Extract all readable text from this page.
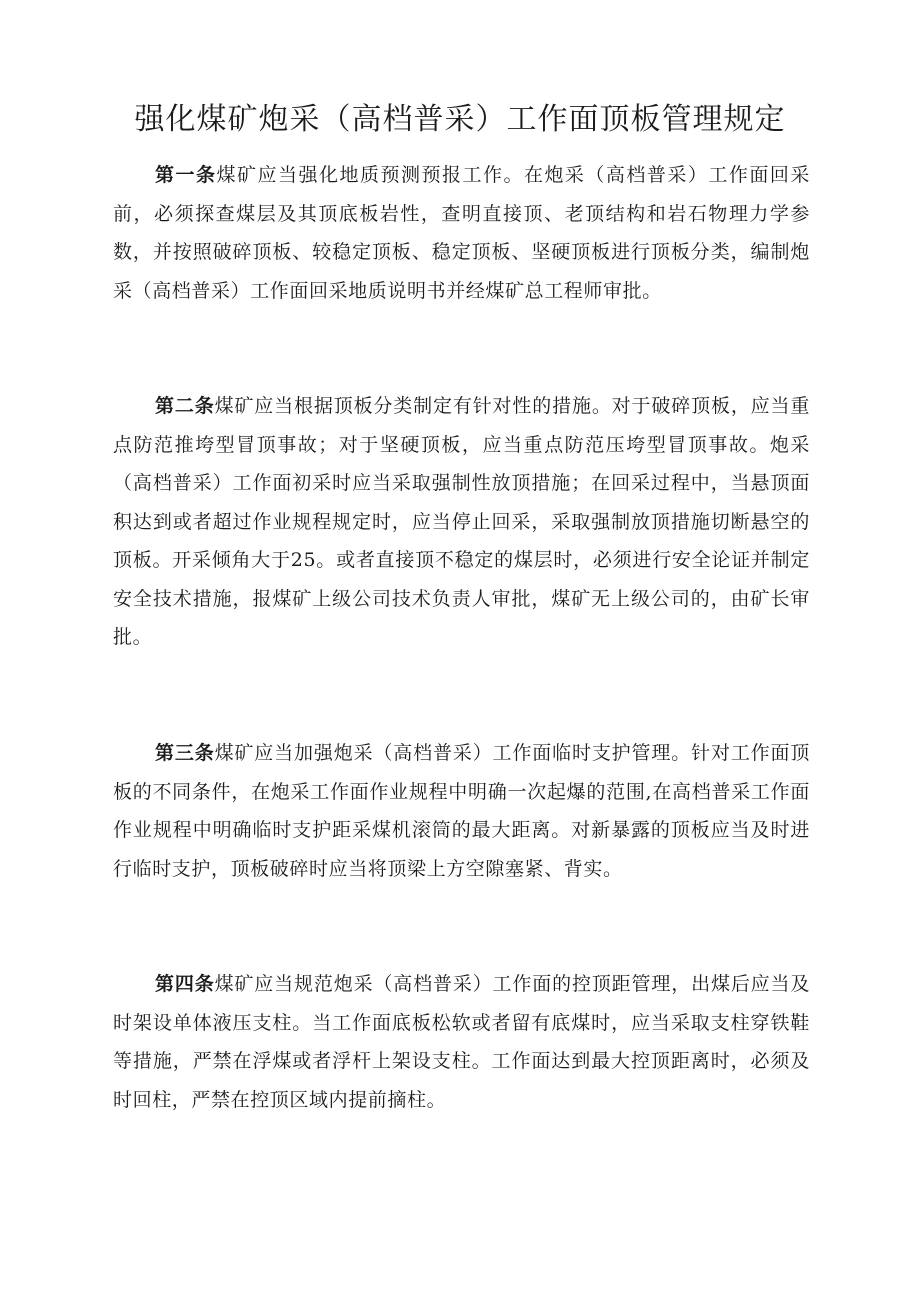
强化煤矿炮采（高档普采）工作面顶板管理规定

第一条煤矿应当强化地质预测预报工作。在炮采（高档普采）工作面回采前，必须探查煤层及其顶底板岩性，查明直接顶、老顶结构和岩石物理力学参数，并按照破碎顶板、较稳定顶板、稳定顶板、坚硬顶板进行顶板分类，编制炮采（高档普采）工作面回采地质说明书并经煤矿总工程师审批。

第二条煤矿应当根据顶板分类制定有针对性的措施。对于破碎顶板，应当重点防范推垮型冒顶事故；对于坚硬顶板，应当重点防范压垮型冒顶事故。炮采（高档普采）工作面初采时应当采取强制性放顶措施；在回采过程中，当悬顶面积达到或者超过作业规程规定时，应当停止回采，采取强制放顶措施切断悬空的顶板。开采倾角大于25。或者直接顶不稳定的煤层时，必须进行安全论证并制定安全技术措施，报煤矿上级公司技术负责人审批，煤矿无上级公司的，由矿长审批。

第三条煤矿应当加强炮采（高档普采）工作面临时支护管理。针对工作面顶板的不同条件，在炮采工作面作业规程中明确一次起爆的范围,在高档普采工作面作业规程中明确临时支护距采煤机滚筒的最大距离。对新暴露的顶板应当及时进行临时支护，顶板破碎时应当将顶梁上方空隙塞紧、背实。

第四条煤矿应当规范炮采（高档普采）工作面的控顶距管理，出煤后应当及时架设单体液压支柱。当工作面底板松软或者留有底煤时，应当采取支柱穿铁鞋等措施，严禁在浮煤或者浮杆上架设支柱。工作面达到最大控顶距离时，必须及时回柱，严禁在控顶区域内提前摘柱。
